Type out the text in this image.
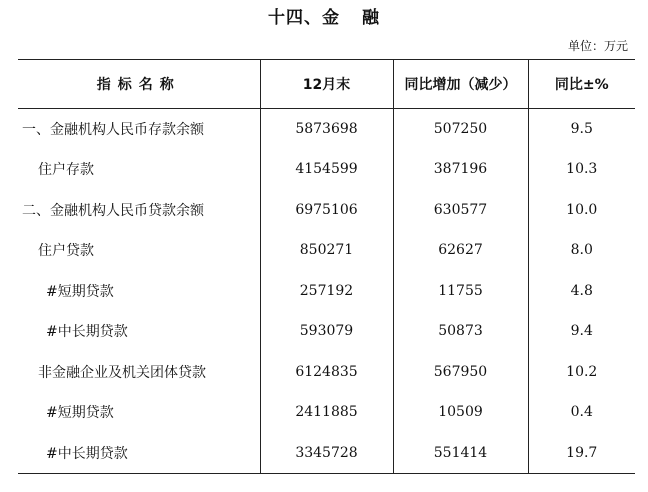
十四、金 融
单位：万元
指标名称	12月末	同比增加（减少）	同比±%
一、金融机构人民币存款余额	5873698	507250	9.5
住户存款	4154599	387196	10.3
二、金融机构人民币贷款余额	6975106	630577	10.0
住户贷款	850271	62627	8.0
#短期贷款	257192	11755	4.8
#中长期贷款	593079	50873	9.4
非金融企业及机关团体贷款	6124835	567950	10.2
#短期贷款	2411885	10509	0.4
#中长期贷款	3345728	551414	19.7
